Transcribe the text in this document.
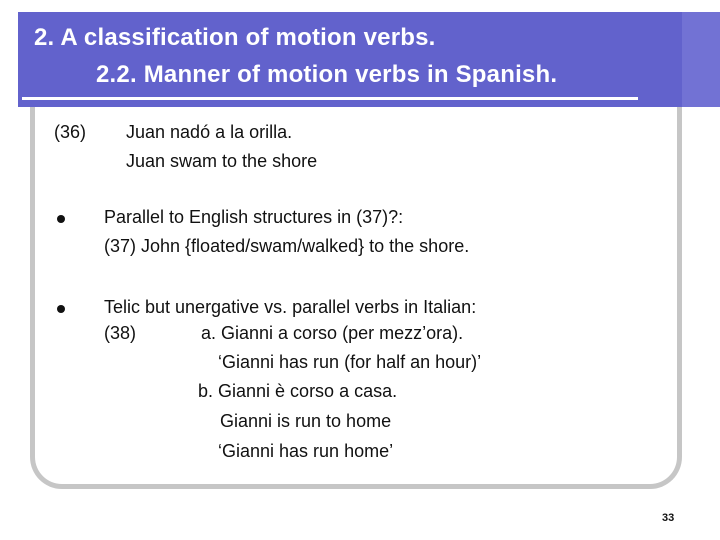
2. A classification of motion verbs.
2.2. Manner of motion verbs in Spanish.
(36) Juan nadó a la orilla.
Juan swam to the shore
Parallel to English structures in (37)?:
(37) John {floated/swam/walked} to the shore.
Telic but unergative vs. parallel verbs in Italian:
(38)	a. Gianni a corso (per mezz’ora).
‘Gianni has run (for half an hour)’
b. Gianni è corso a casa.
Gianni is run to home
‘Gianni has run home’
33
